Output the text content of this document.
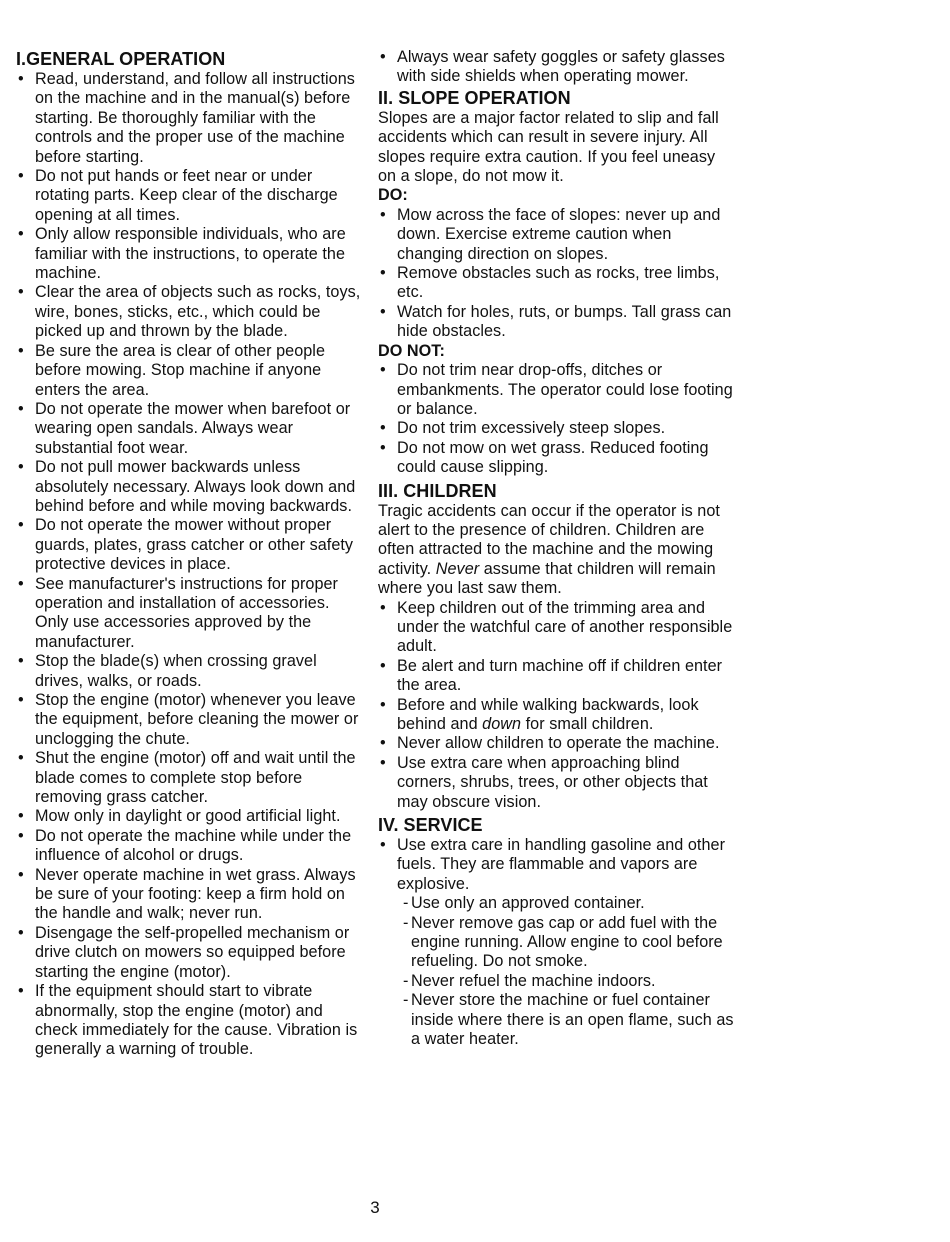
I.GENERAL OPERATION
• Read, understand, and follow all instructions on the machine and in the manual(s) before starting. Be thoroughly familiar with the controls and the proper use of the machine before starting.
• Do not put hands or feet near or under rotating parts. Keep clear of the discharge opening at all times.
• Only allow responsible individuals, who are familiar with the instructions, to operate the machine.
• Clear the area of objects such as rocks, toys, wire, bones, sticks, etc., which could be picked up and thrown by the blade.
• Be sure the area is clear of other people before mowing. Stop machine if anyone enters the area.
• Do not operate the mower when barefoot or wearing open sandals. Always wear substantial foot wear.
• Do not pull mower backwards unless absolutely necessary. Always look down and behind before and while moving backwards.
• Do not operate the mower without proper guards, plates, grass catcher or other safety protective devices in place.
• See manufacturer's instructions for proper operation and installation of accessories. Only use accessories approved by the manufacturer.
• Stop the blade(s) when crossing gravel drives, walks, or roads.
• Stop the engine (motor) whenever you leave the equipment, before cleaning the mower or unclogging the chute.
• Shut the engine (motor) off and wait until the blade comes to complete stop before removing grass catcher.
• Mow only in daylight or good artificial light.
• Do not operate the machine while under the influence of alcohol or drugs.
• Never operate machine in wet grass. Always be sure of your footing: keep a firm hold on the handle and walk; never run.
• Disengage the self-propelled mechanism or drive clutch on mowers so equipped before starting the engine (motor).
• If the equipment should start to vibrate abnormally, stop the engine (motor) and check immediately for the cause. Vibration is generally a warning of trouble.
• Always wear safety goggles or safety glasses with side shields when operating mower.
II. SLOPE OPERATION

Slopes are a major factor related to slip and fall accidents which can result in severe injury. All slopes require extra caution. If you feel uneasy on a slope, do not mow it.

DO:

• Mow across the face of slopes: never up and down. Exercise extreme caution when changing direction on slopes.
• Remove obstacles such as rocks, tree limbs, etc.
• Watch for holes, ruts, or bumps. Tall grass can hide obstacles.

DO NOT:

• Do not trim near drop-offs, ditches or embankments. The operator could lose footing or balance.
• Do not trim excessively steep slopes.
• Do not mow on wet grass. Reduced footing could cause slipping.
III. CHILDREN

Tragic accidents can occur if the operator is not alert to the presence of children. Children are often attracted to the machine and the mowing activity. Never assume that children will remain where you last saw them.

• Keep children out of the trimming area and under the watchful care of another responsible adult.
• Be alert and turn machine off if children enter the area.
• Before and while walking backwards, look behind and down for small children.
• Never allow children to operate the machine.
• Use extra care when approaching blind corners, shrubs, trees, or other objects that may obscure vision.
IV. SERVICE
• Use extra care in handling gasoline and other fuels. They are flammable and vapors are explosive.
- Use only an approved container.
- Never remove gas cap or add fuel with the engine running. Allow engine to cool before refueling. Do not smoke.
- Never refuel the machine indoors.
- Never store the machine or fuel container inside where there is an open flame, such as a water heater.
3
